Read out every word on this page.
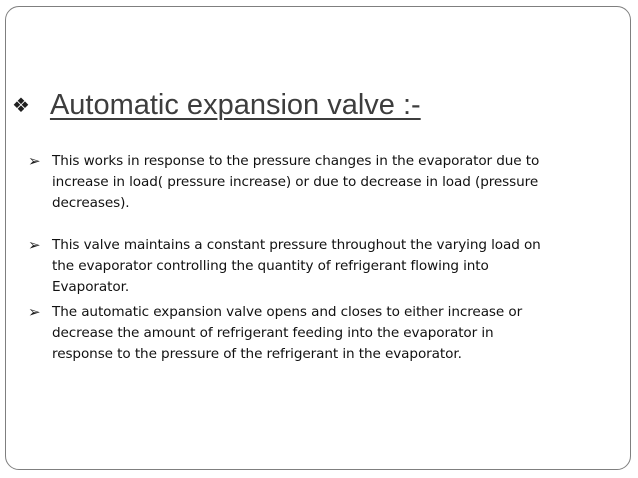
❖ Automatic expansion valve :-
➢ This works in response to the pressure changes in the evaporator due to
increase in load( pressure increase) or due to decrease in load (pressure
decreases).
➢ This valve maintains a constant pressure throughout the varying load on
the evaporator controlling the quantity of refrigerant flowing into
Evaporator.
➢ The automatic expansion valve opens and closes to either increase or
decrease the amount of refrigerant feeding into the evaporator in
response to the pressure of the refrigerant in the evaporator.
